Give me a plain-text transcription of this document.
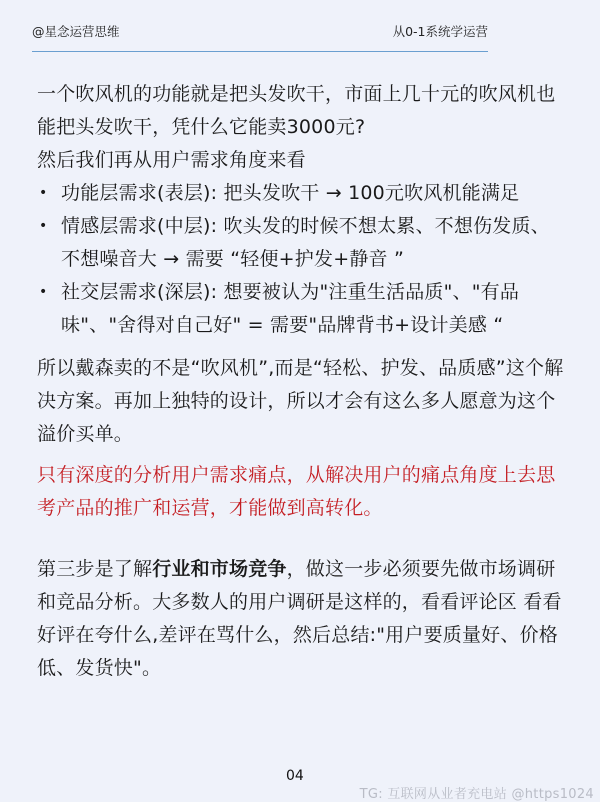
@星念运营思维	从0-1系统学运营

一个吹风机的功能就是把头发吹干，市面上几十元的吹风机也能把头发吹干，凭什么它能卖3000元?

然后我们再从用户需求角度来看

• 功能层需求(表层): 把头发吹干 → 100元吹风机能满足
• 情感层需求(中层): 吹头发的时候不想太累、不想伤发质、不想噪音大 → 需要 “轻便+护发+静音 ”
• 社交层需求(深层): 想要被认为"注重生活品质"、"有品味"、"舍得对自己好" = 需要"品牌背书+设计美感 “

所以戴森卖的不是“吹风机”,而是“轻松、护发、品质感”这个解决方案。再加上独特的设计，所以才会有这么多人愿意为这个溢价买单。

只有深度的分析用户需求痛点，从解决用户的痛点角度上去思考产品的推广和运营，才能做到高转化。

第三步是了解行业和市场竞争，做这一步必须要先做市场调研和竞品分析。大多数人的用户调研是这样的，看看评论区 看看好评在夸什么,差评在骂什么，然后总结:"用户要质量好、价格低、发货快"。

04
TG: 互联网从业者充电站 @https1024
